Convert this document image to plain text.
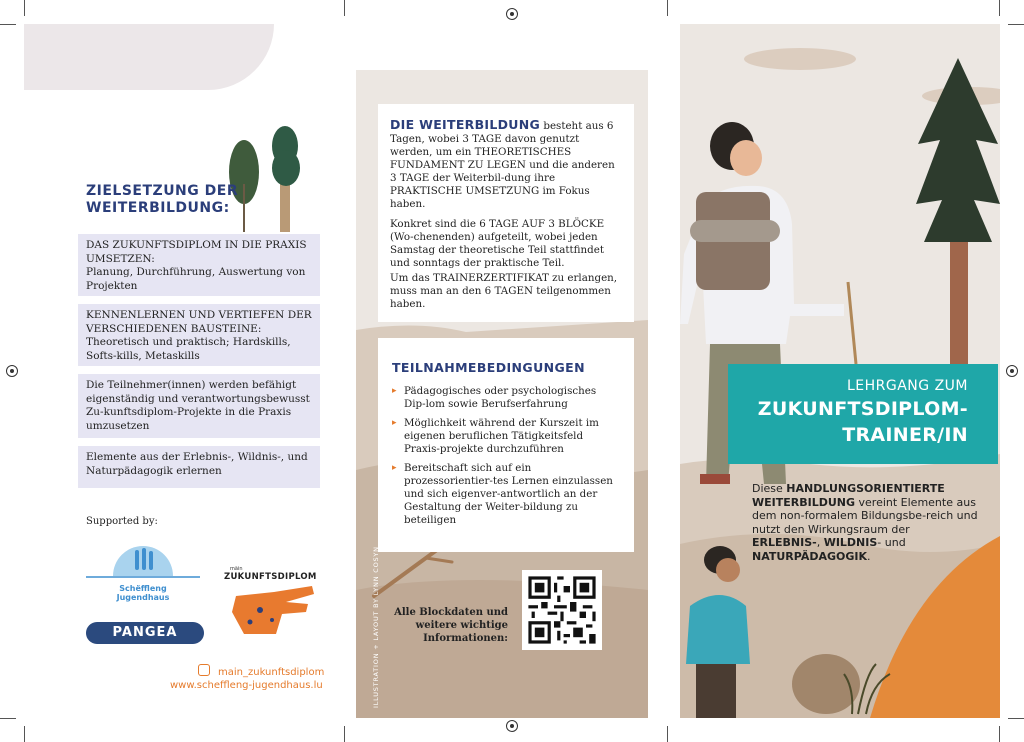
ZIELSETZUNG DER
WEITERBILDUNG:
DAS ZUKUNFTSDIPLOM IN DIE PRAXIS UMSETZEN:
Planung, Durchführung, Auswertung von Projekten
KENNENLERNEN UND VERTIEFEN DER VERSCHIEDENEN BAUSTEINE:
Theoretisch und praktisch; Hardskills, Softs-kills, Metaskills
Die Teilnehmer(innen) werden befähigt eigenständig und verantwortungsbewusst Zu-kunftsdiplom-Projekte in die Praxis umzusetzen
Elemente aus der Erlebnis-, Wildnis-, und Naturpädagogik erlernen
Supported by:
Schëffleng
Jugendhaus
mäin
ZUKUNFTSDIPLOM
PANGEA
main_zukunftsdiplom
www.scheffleng-jugendhaus.lu

DIE WEITERBILDUNG besteht aus 6 Tagen, wobei 3 TAGE davon genutzt werden, um ein THEORETISCHES FUNDAMENT ZU LEGEN und die anderen 3 TAGE der Weiterbil-dung ihre PRAKTISCHE UMSETZUNG im Fokus haben.

Konkret sind die 6 TAGE AUF 3 BLÖCKE (Wo-chenenden) aufgeteilt, wobei jeden Samstag der theoretische Teil stattfindet und sonntags der praktische Teil.

Um das TRAINERZERTIFIKAT zu erlangen, muss man an den 6 TAGEN teilgenommen haben.

TEILNAHMEBEDINGUNGEN

▸ Pädagogisches oder psychologisches Dip-lom sowie Berufserfahrung
▸ Möglichkeit während der Kurszeit im eigenen beruflichen Tätigkeitsfeld Praxis-projekte durchzuführen
▸ Bereitschaft sich auf ein prozessorientier-tes Lernen einzulassen und sich eigenver-antwortlich an der Gestaltung der Weiter-bildung zu beteiligen
Alle Blockdaten und
weitere wichtige
Informationen:
ILLUSTRATION + LAYOUT BY LYNN COSYN
LEHRGANG ZUM
ZUKUNFTSDIPLOM-
TRAINER/IN
Diese HANDLUNGSORIENTIERTE WEITERBILDUNG vereint Elemente aus dem non-formalem Bildungsbe-reich und nutzt den Wirkungsraum der ERLEBNIS-, WILDNIS- und NATURPÄDAGOGIK.
